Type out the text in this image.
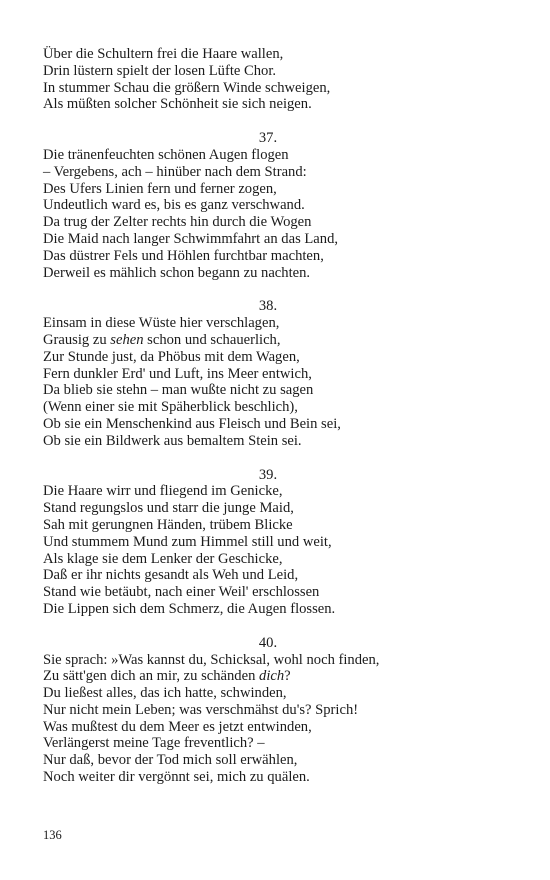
Über die Schultern frei die Haare wallen,
Drin lüstern spielt der losen Lüfte Chor.
In stummer Schau die größern Winde schweigen,
Als müßten solcher Schönheit sie sich neigen.
37.
Die tränenfeuchten schönen Augen flogen
– Vergebens, ach – hinüber nach dem Strand:
Des Ufers Linien fern und ferner zogen,
Undeutlich ward es, bis es ganz verschwand.
Da trug der Zelter rechts hin durch die Wogen
Die Maid nach langer Schwimmfahrt an das Land,
Das düstrer Fels und Höhlen furchtbar machten,
Derweil es mählich schon begann zu nachten.
38.
Einsam in diese Wüste hier verschlagen,
Grausig zu sehen schon und schauerlich,
Zur Stunde just, da Phöbus mit dem Wagen,
Fern dunkler Erd' und Luft, ins Meer entwich,
Da blieb sie stehn – man wußte nicht zu sagen
(Wenn einer sie mit Späherblick beschlich),
Ob sie ein Menschenkind aus Fleisch und Bein sei,
Ob sie ein Bildwerk aus bemaltem Stein sei.
39.
Die Haare wirr und fliegend im Genicke,
Stand regungslos und starr die junge Maid,
Sah mit gerungnen Händen, trübem Blicke
Und stummem Mund zum Himmel still und weit,
Als klage sie dem Lenker der Geschicke,
Daß er ihr nichts gesandt als Weh und Leid,
Stand wie betäubt, nach einer Weil' erschlossen
Die Lippen sich dem Schmerz, die Augen flossen.
40.
Sie sprach: »Was kannst du, Schicksal, wohl noch finden,
Zu sätt'gen dich an mir, zu schänden dich?
Du ließest alles, das ich hatte, schwinden,
Nur nicht mein Leben; was verschmähst du's? Sprich!
Was mußtest du dem Meer es jetzt entwinden,
Verlängerst meine Tage freventlich? –
Nur daß, bevor der Tod mich soll erwählen,
Noch weiter dir vergönnt sei, mich zu quälen.
136
